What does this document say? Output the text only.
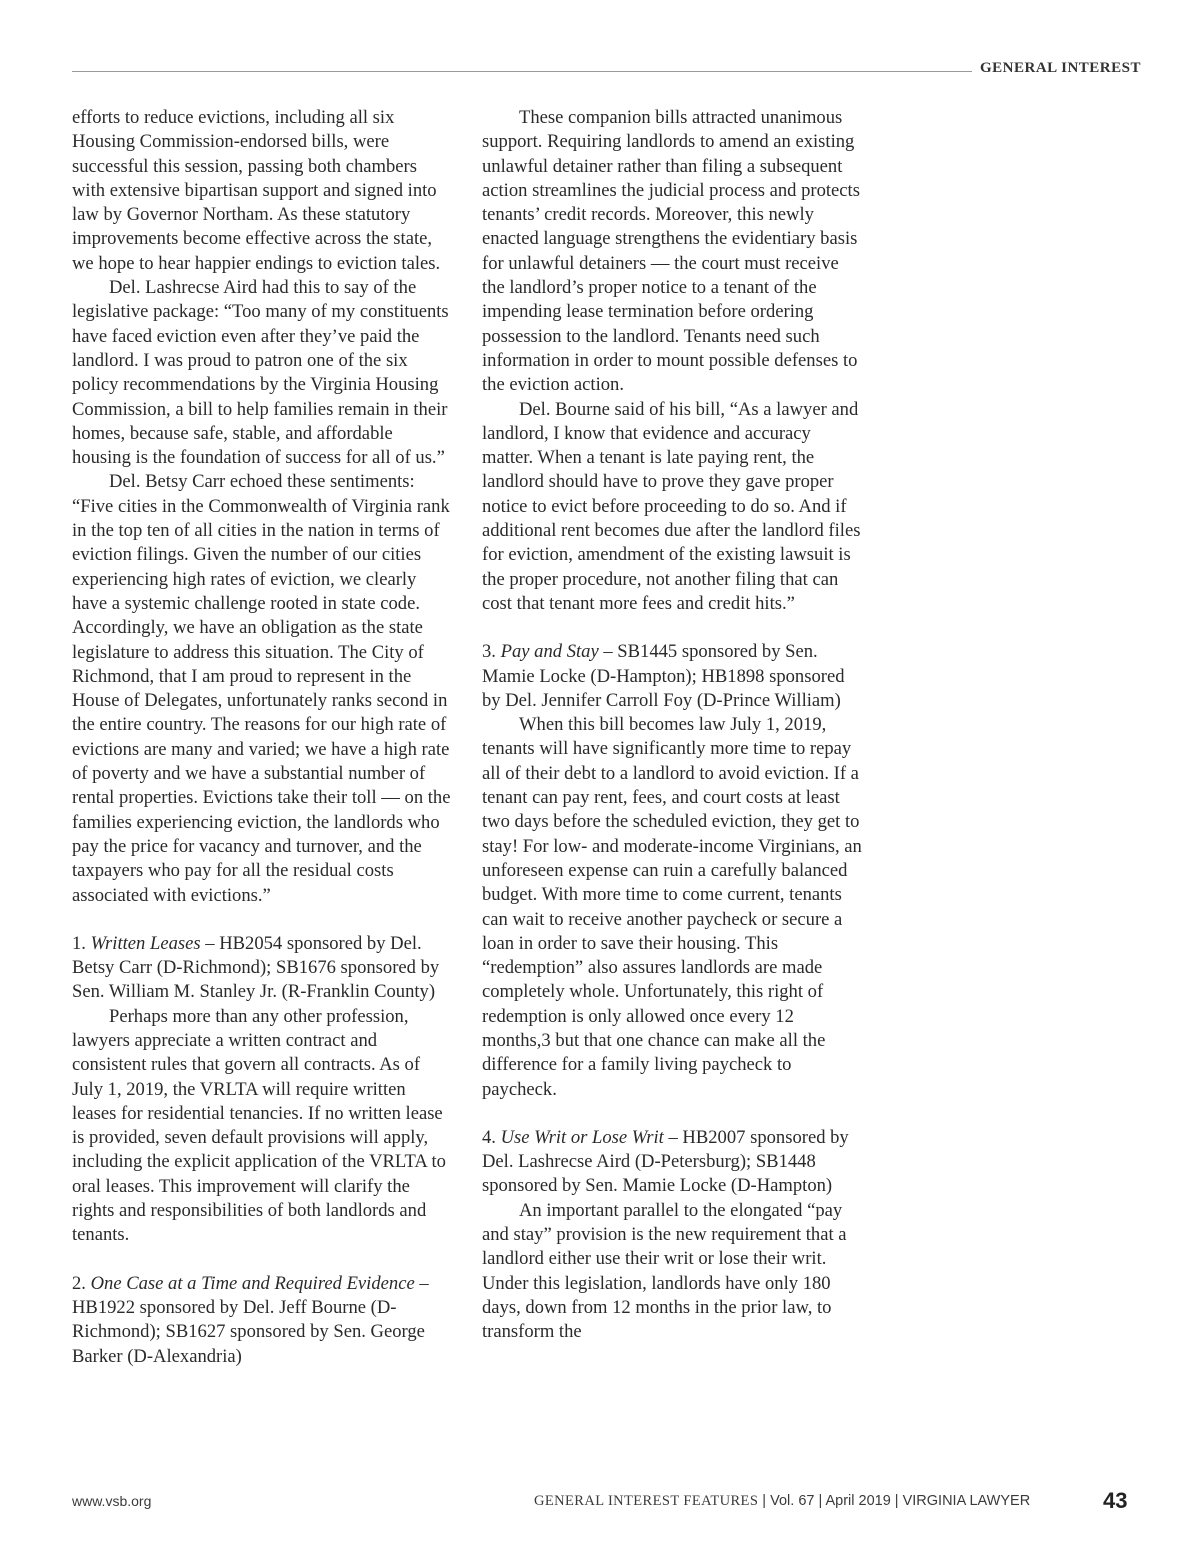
GENERAL INTEREST

efforts to reduce evictions, including all six Housing Commission-endorsed bills, were successful this session, passing both chambers with extensive bipartisan support and signed into law by Governor Northam. As these statutory improvements become effective across the state, we hope to hear happier endings to eviction tales.

Del. Lashrecse Aird had this to say of the legislative package: “Too many of my constituents have faced eviction even after they’ve paid the landlord. I was proud to patron one of the six policy recommendations by the Virginia Housing Commission, a bill to help families remain in their homes, because safe, stable, and affordable housing is the foundation of success for all of us.”

Del. Betsy Carr echoed these sentiments: “Five cities in the Commonwealth of Virginia rank in the top ten of all cities in the nation in terms of eviction filings. Given the number of our cities experiencing high rates of eviction, we clearly have a systemic challenge rooted in state code. Accordingly, we have an obligation as the state legislature to address this situation. The City of Richmond, that I am proud to represent in the House of Delegates, unfortunately ranks second in the entire country. The reasons for our high rate of evictions are many and varied; we have a high rate of poverty and we have a substantial number of rental properties. Evictions take their toll — on the families experiencing eviction, the landlords who pay the price for vacancy and turnover, and the taxpayers who pay for all the residual costs associated with evictions.”

1. Written Leases – HB2054 sponsored by Del. Betsy Carr (D-Richmond); SB1676 sponsored by Sen. William M. Stanley Jr. (R-Franklin County)

Perhaps more than any other profession, lawyers appreciate a written contract and consistent rules that govern all contracts. As of July 1, 2019, the VRLTA will require written leases for residential tenancies. If no written lease is provided, seven default provisions will apply, including the explicit application of the VRLTA to oral leases. This improvement will clarify the rights and responsibilities of both landlords and tenants.

2. One Case at a Time and Required Evidence – HB1922 sponsored by Del. Jeff Bourne (D-Richmond); SB1627 sponsored by Sen. George Barker (D-Alexandria)

These companion bills attracted unanimous support. Requiring landlords to amend an existing unlawful detainer rather than filing a subsequent action streamlines the judicial process and protects tenants’ credit records. Moreover, this newly enacted language strengthens the evidentiary basis for unlawful detainers — the court must receive the landlord’s proper notice to a tenant of the impending lease termination before ordering possession to the landlord. Tenants need such information in order to mount possible defenses to the eviction action.

Del. Bourne said of his bill, “As a lawyer and landlord, I know that evidence and accuracy matter. When a tenant is late paying rent, the landlord should have to prove they gave proper notice to evict before proceeding to do so. And if additional rent becomes due after the landlord files for eviction, amendment of the existing lawsuit is the proper procedure, not another filing that can cost that tenant more fees and credit hits.”

3. Pay and Stay – SB1445 sponsored by Sen. Mamie Locke (D-Hampton); HB1898 sponsored by Del. Jennifer Carroll Foy (D-Prince William)

When this bill becomes law July 1, 2019, tenants will have significantly more time to repay all of their debt to a landlord to avoid eviction. If a tenant can pay rent, fees, and court costs at least two days before the scheduled eviction, they get to stay! For low- and moderate-income Virginians, an unforeseen expense can ruin a carefully balanced budget. With more time to come current, tenants can wait to receive another paycheck or secure a loan in order to save their housing. This “redemption” also assures landlords are made completely whole. Unfortunately, this right of redemption is only allowed once every 12 months,3 but that one chance can make all the difference for a family living paycheck to paycheck.

4. Use Writ or Lose Writ – HB2007 sponsored by Del. Lashrecse Aird (D-Petersburg); SB1448 sponsored by Sen. Mamie Locke (D-Hampton)

An important parallel to the elongated “pay and stay” provision is the new requirement that a landlord either use their writ or lose their writ. Under this legislation, landlords have only 180 days, down from 12 months in the prior law, to transform the

www.vsb.org	GENERAL INTEREST FEATURES | Vol. 67 | April 2019 | VIRGINIA LAWYER	43
